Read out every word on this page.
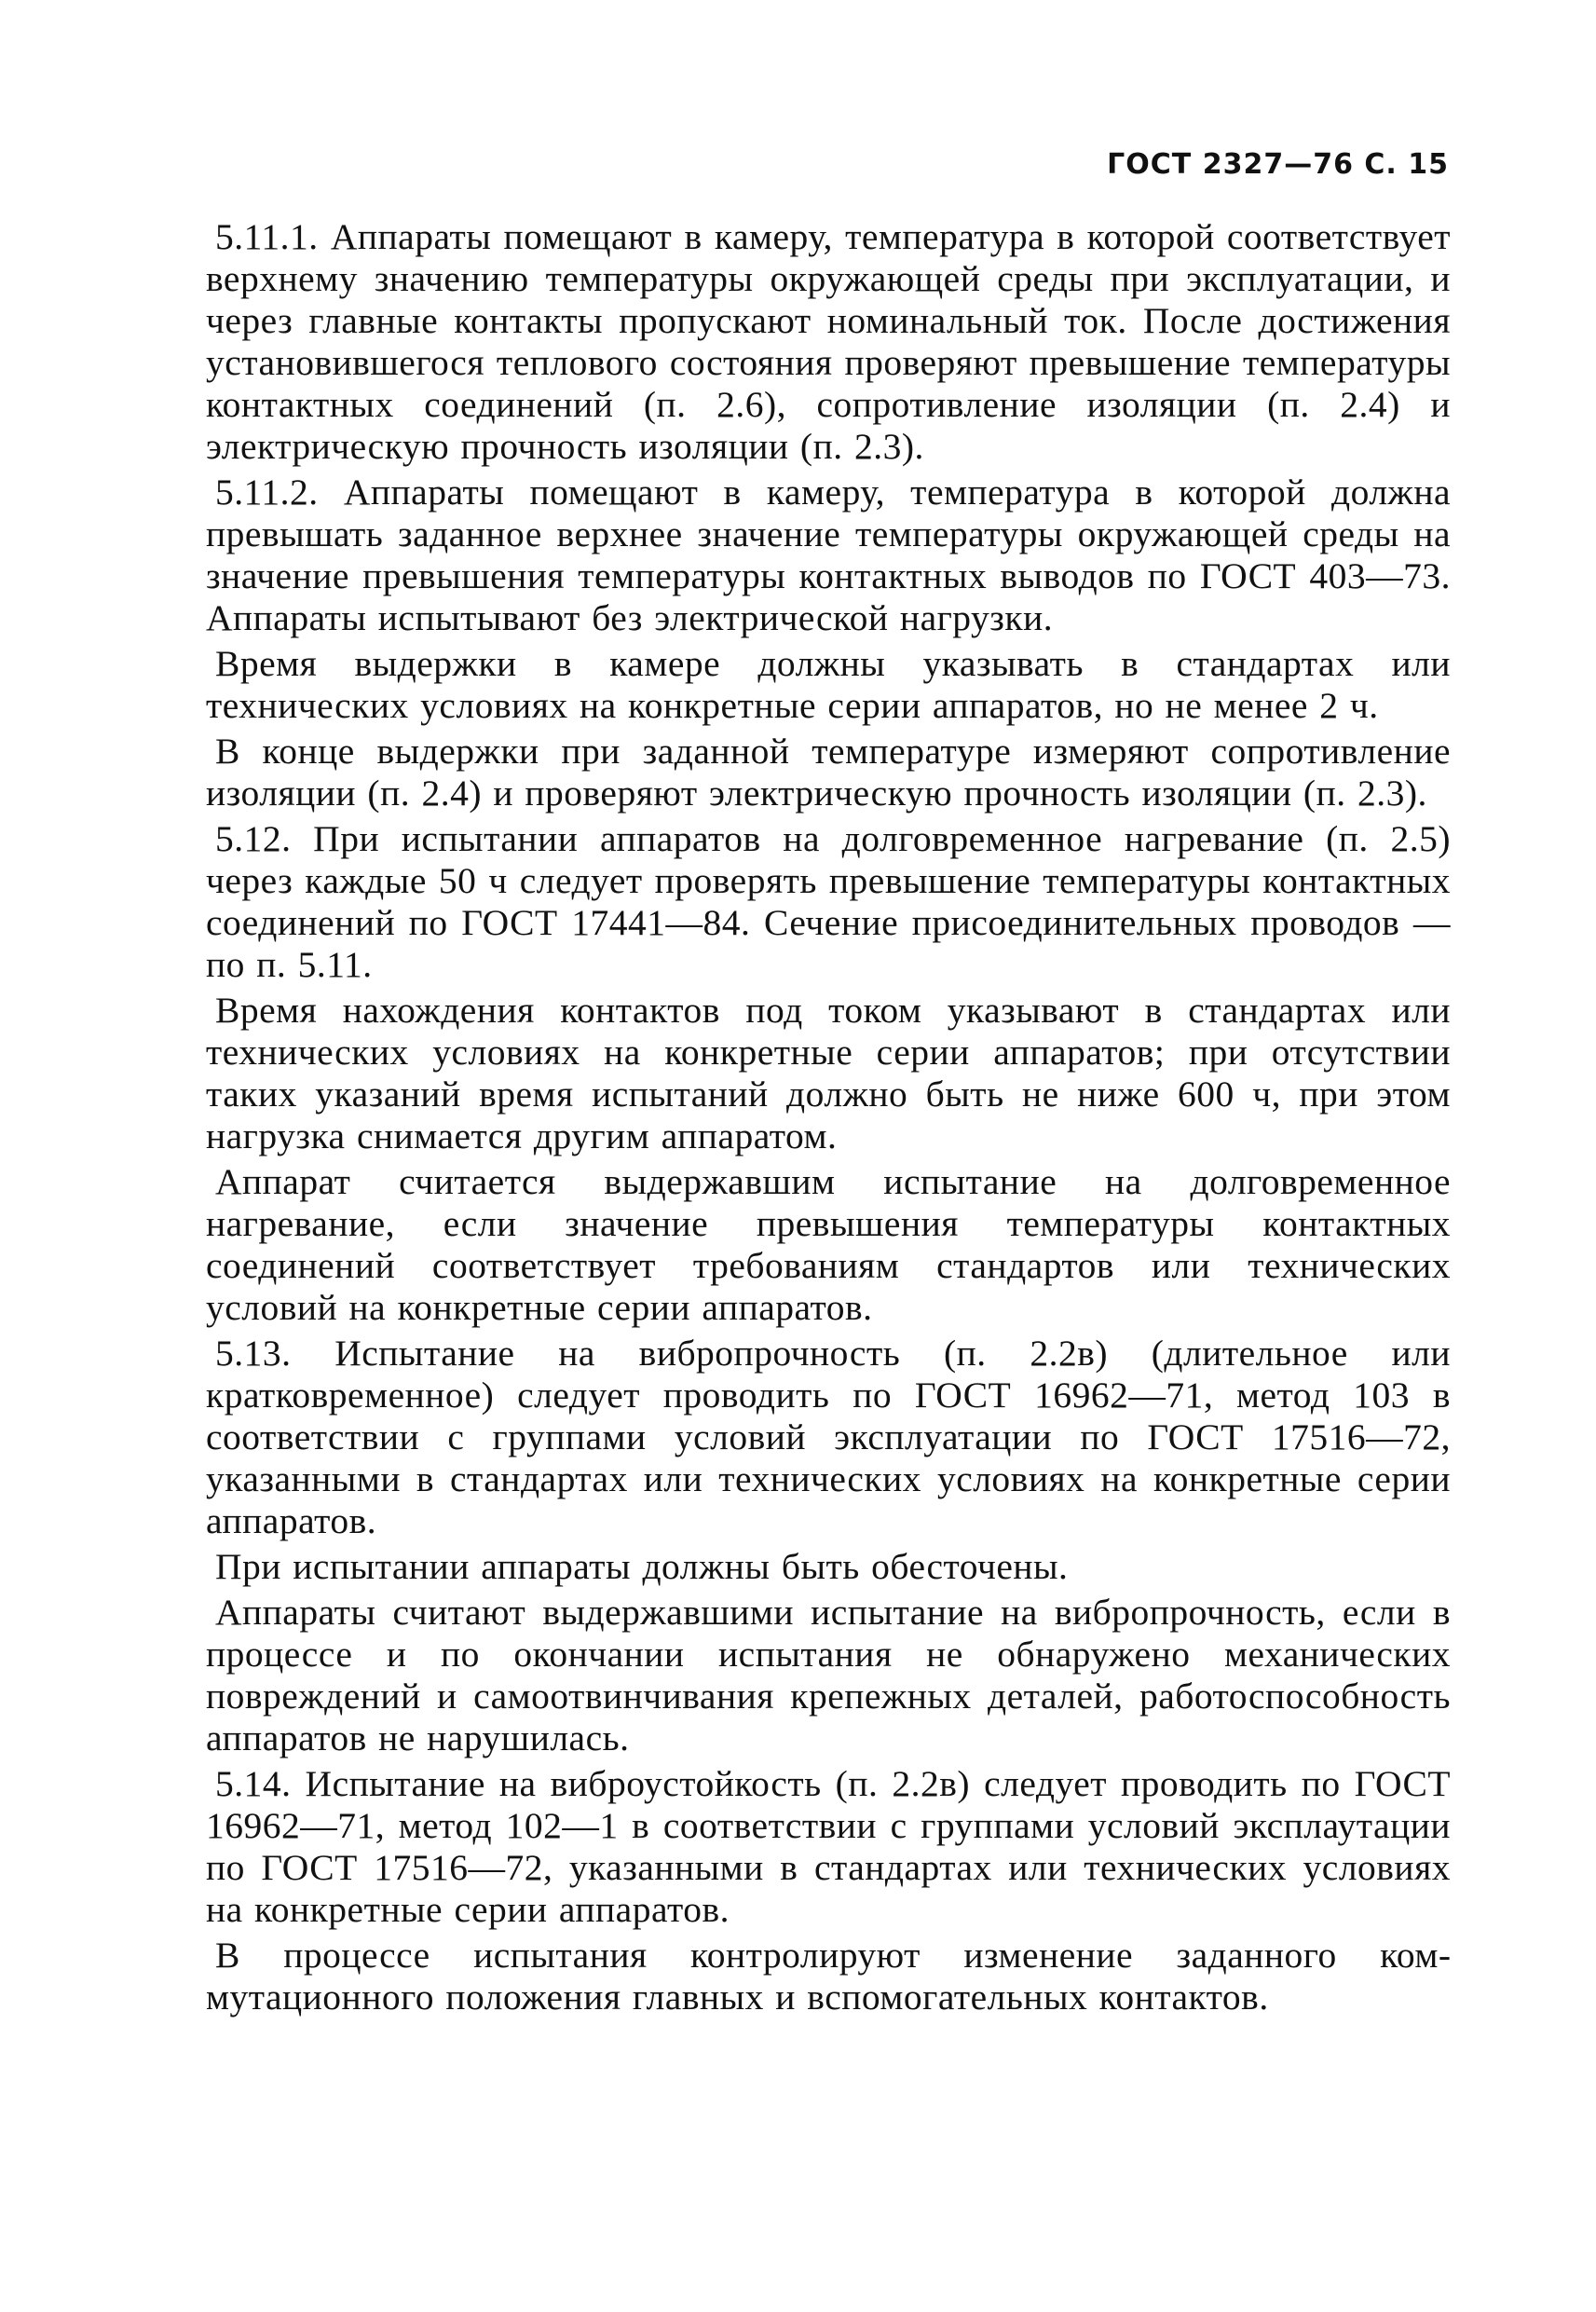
ГОСТ 2327—76 С. 15

5.11.1. Аппараты помещают в камеру, температура в которой соответствует верхнему значению температуры окружающей среды при эксплуатации, и через главные контакты пропускают номинальный ток. После достижения установившегося теплового состояния проверяют превышение температуры контактных соединений (п. 2.6), сопротивление изоляции (п. 2.4) и электрическую прочность изоляции (п. 2.3).

5.11.2. Аппараты помещают в камеру, температура в которой должна превышать заданное верхнее значение температуры окружающей среды на значение превышения температуры контактных выводов по ГОСТ 403—73. Аппараты испытывают без электрической нагрузки.

Время выдержки в камере должны указывать в стандартах или технических условиях на конкретные серии аппаратов, но не менее 2 ч.

В конце выдержки при заданной температуре измеряют сопротивление изоляции (п. 2.4) и проверяют электрическую прочность изоляции (п. 2.3).

5.12. При испытании аппаратов на долговременное нагревание (п. 2.5) через каждые 50 ч следует проверять превышение температуры контактных соединений по ГОСТ 17441—84. Сечение присоединительных проводов — по п. 5.11.

Время нахождения контактов под током указывают в стандартах или технических условиях на конкретные серии аппаратов; при отсутствии таких указаний время испытаний должно быть не ниже 600 ч, при этом нагрузка снимается другим аппаратом.

Аппарат считается выдержавшим испытание на долговременное нагревание, если значение превышения температуры контактных соединений соответствует требованиям стандартов или технических условий на конкретные серии аппаратов.

5.13. Испытание на вибропрочность (п. 2.2в) (длительное или кратковременное) следует проводить по ГОСТ 16962—71, метод 103 в соответствии с группами условий эксплуатации по ГОСТ 17516—72, указанными в стандартах или технических условиях на конкретные серии аппаратов.

При испытании аппараты должны быть обесточены.

Аппараты считают выдержавшими испытание на вибропрочность, если в процессе и по окончании испытания не обнаружено механических повреждений и самоотвинчивания крепежных деталей, работоспособность аппаратов не нарушилась.

5.14. Испытание на виброустойкость (п. 2.2в) следует проводить по ГОСТ 16962—71, метод 102—1 в соответствии с группами условий эксплаутации по ГОСТ 17516—72, указанными в стандартах или технических условиях на конкретные серии аппаратов.

В процессе испытания контролируют изменение заданного коммутационного положения главных и вспомогательных контактов.
